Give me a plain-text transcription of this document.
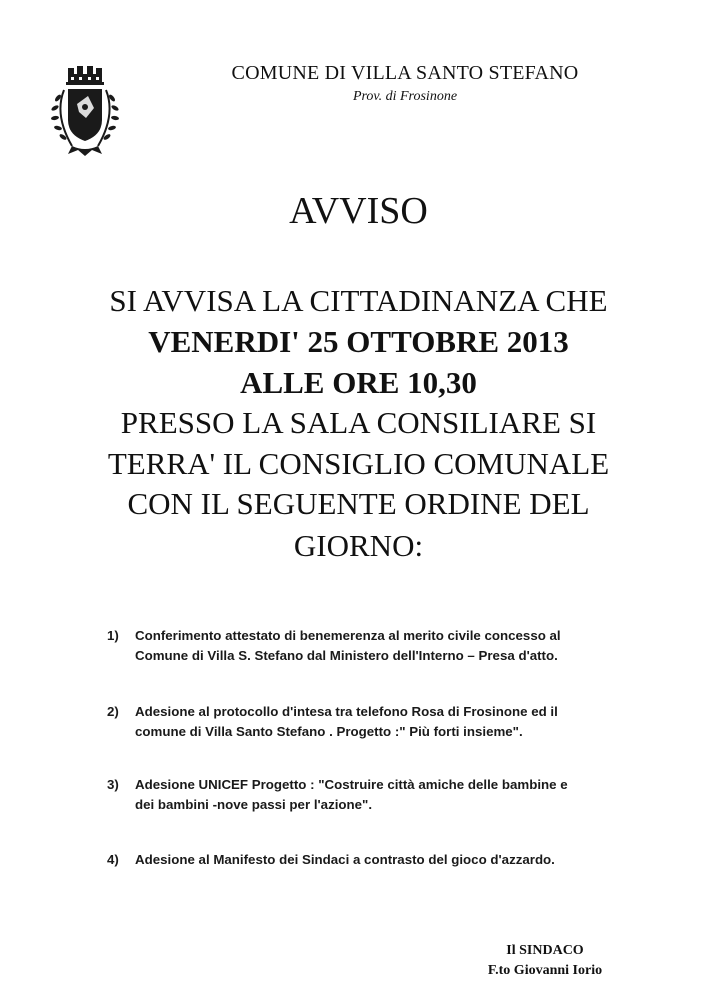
COMUNE DI VILLA SANTO STEFANO
Prov. di Frosinone
AVVISO
SI AVVISA LA CITTADINANZA CHE
VENERDI' 25 OTTOBRE 2013
ALLE ORE 10,30
PRESSO LA SALA CONSILIARE SI
TERRA' IL CONSIGLIO COMUNALE
CON IL SEGUENTE ORDINE DEL
GIORNO:
1)	Conferimento attestato di benemerenza al merito civile concesso al
Comune di Villa S. Stefano dal Ministero dell'Interno – Presa d'atto.
2)	Adesione al protocollo d'intesa tra telefono Rosa di Frosinone ed il
comune di Villa Santo Stefano . Progetto :" Più forti insieme".
3)	Adesione UNICEF Progetto : "Costruire città amiche delle bambine e
dei bambini -nove passi per l'azione".
4)	Adesione al Manifesto dei Sindaci a contrasto del gioco d'azzardo.
Il SINDACO
F.to Giovanni Iorio
